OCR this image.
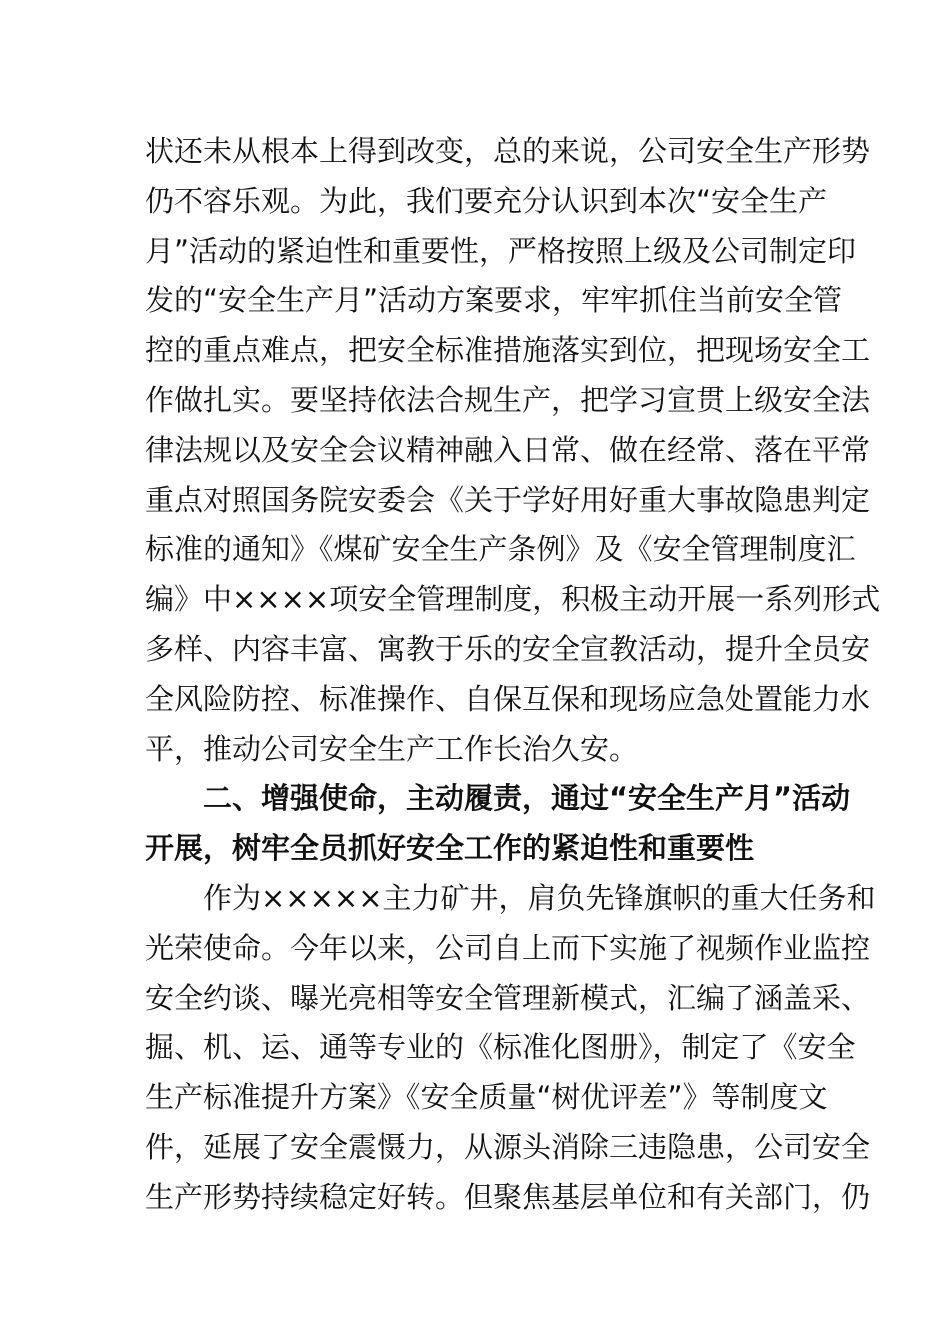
状还未从根本上得到改变，总的来说，公司安全生产形势
仍不容乐观。为此，我们要充分认识到本次“安全生产
月”活动的紧迫性和重要性，严格按照上级及公司制定印
发的“安全生产月”活动方案要求，牢牢抓住当前安全管
控的重点难点，把安全标准措施落实到位，把现场安全工
作做扎实。要坚持依法合规生产，把学习宣贯上级安全法
律法规以及安全会议精神融入日常、做在经常、落在平常
重点对照国务院安委会《关于学好用好重大事故隐患判定
标准的通知》《煤矿安全生产条例》及《安全管理制度汇
编》中××××项安全管理制度，积极主动开展一系列形式
多样、内容丰富、寓教于乐的安全宣教活动，提升全员安
全风险防控、标准操作、自保互保和现场应急处置能力水
平，推动公司安全生产工作长治久安。
　　二、增强使命，主动履责，通过“安全生产月”活动
开展，树牢全员抓好安全工作的紧迫性和重要性
　　作为×××××主力矿井，肩负先锋旗帜的重大任务和
光荣使命。今年以来，公司自上而下实施了视频作业监控
安全约谈、曝光亮相等安全管理新模式，汇编了涵盖采、
掘、机、运、通等专业的《标准化图册》，制定了《安全
生产标准提升方案》《安全质量“树优评差”》等制度文
件，延展了安全震慑力，从源头消除三违隐患，公司安全
生产形势持续稳定好转。但聚焦基层单位和有关部门，仍
